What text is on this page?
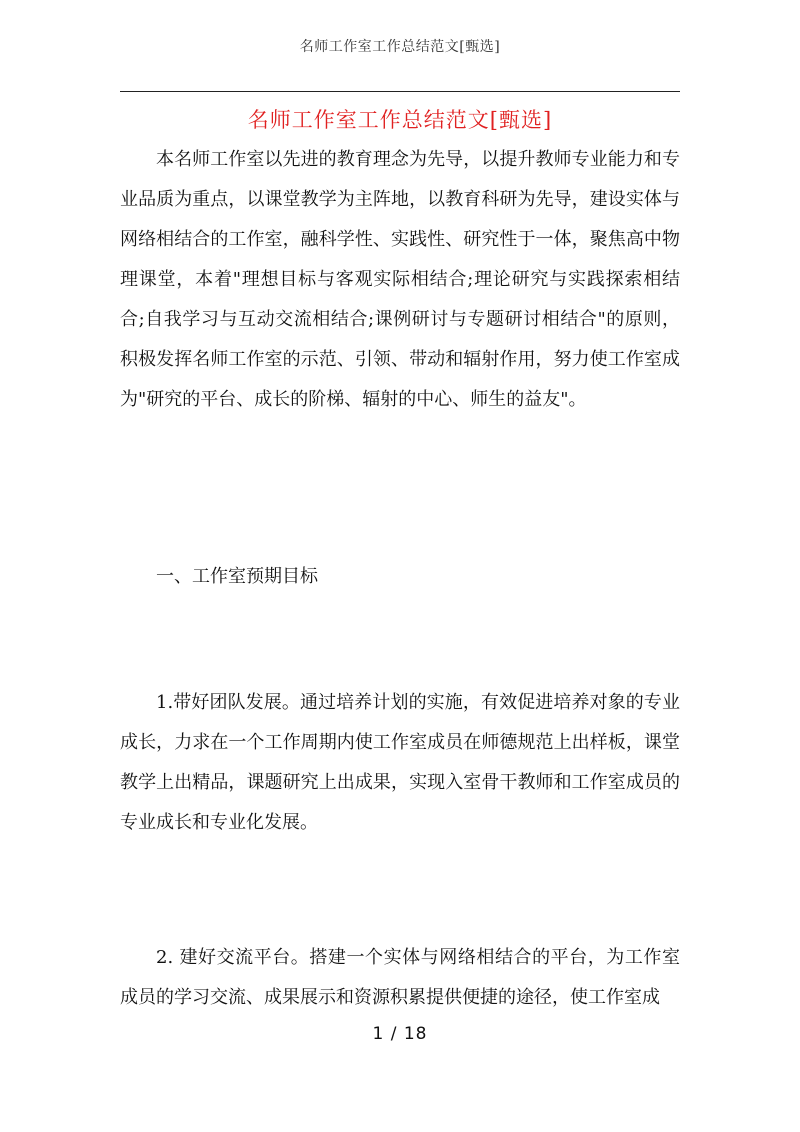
名师工作室工作总结范文[甄选]
名师工作室工作总结范文[甄选]

本名师工作室以先进的教育理念为先导，以提升教师专业能力和专业品质为重点，以课堂教学为主阵地，以教育科研为先导，建设实体与网络相结合的工作室，融科学性、实践性、研究性于一体，聚焦高中物理课堂，本着"理想目标与客观实际相结合;理论研究与实践探索相结合;自我学习与互动交流相结合;课例研讨与专题研讨相结合"的原则，积极发挥名师工作室的示范、引领、带动和辐射作用，努力使工作室成为"研究的平台、成长的阶梯、辐射的中心、师生的益友"。

一、工作室预期目标

1.带好团队发展。通过培养计划的实施，有效促进培养对象的专业成长，力求在一个工作周期内使工作室成员在师德规范上出样板，课堂教学上出精品，课题研究上出成果，实现入室骨干教师和工作室成员的专业成长和专业化发展。

2. 建好交流平台。搭建一个实体与网络相结合的平台，为工作室成员的学习交流、成果展示和资源积累提供便捷的途径，使工作室成

1 / 18
